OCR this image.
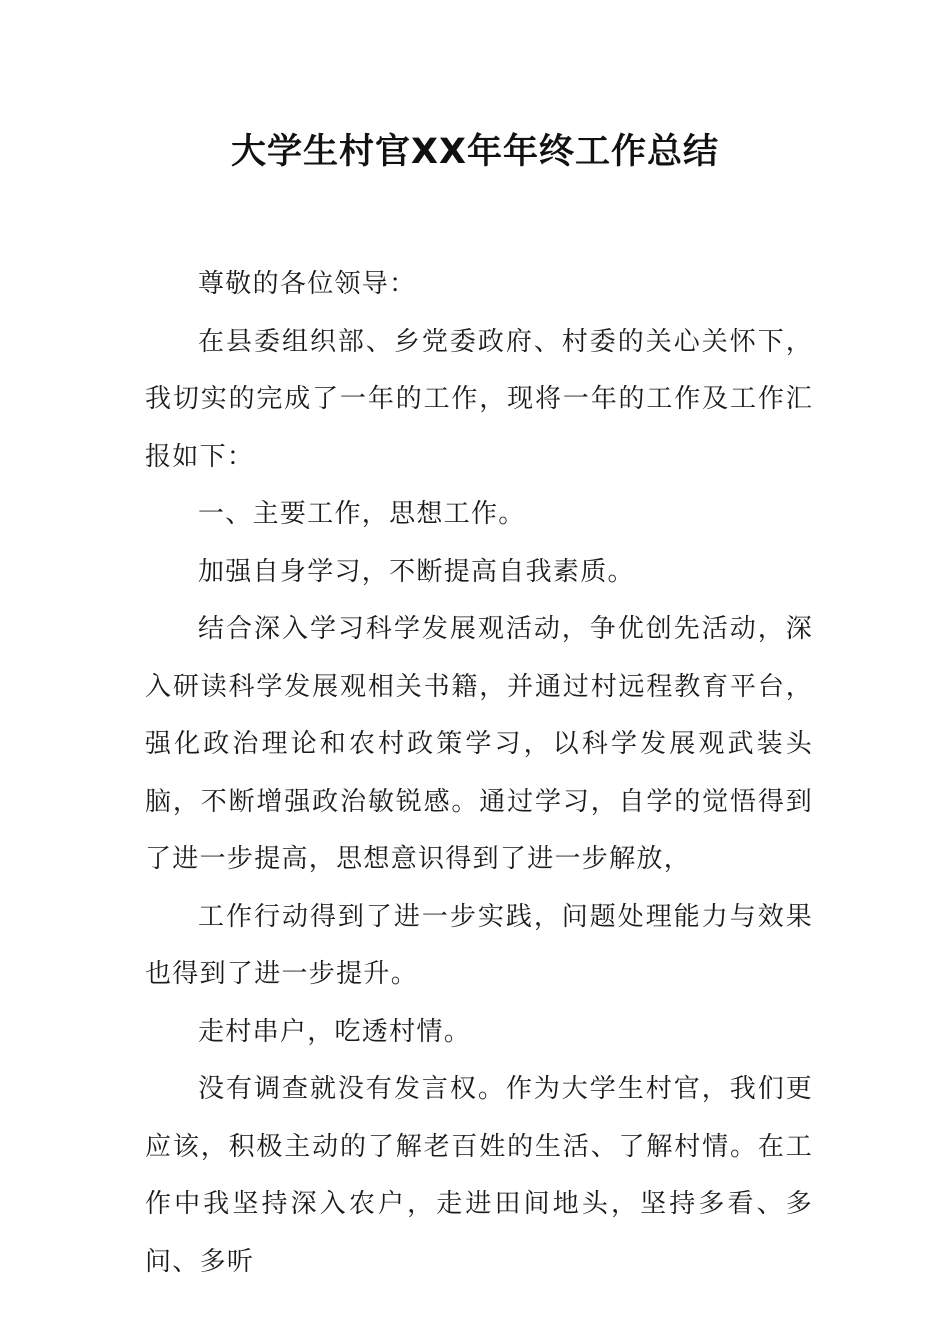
大学生村官XX年年终工作总结

尊敬的各位领导：

在县委组织部、乡党委政府、村委的关心关怀下，我切实的完成了一年的工作，现将一年的工作及工作汇报如下：

一、主要工作，思想工作。

加强自身学习，不断提高自我素质。

结合深入学习科学发展观活动，争优创先活动，深入研读科学发展观相关书籍，并通过村远程教育平台，强化政治理论和农村政策学习，以科学发展观武装头脑，不断增强政治敏锐感。通过学习，自学的觉悟得到了进一步提高，思想意识得到了进一步解放，

工作行动得到了进一步实践，问题处理能力与效果也得到了进一步提升。

走村串户，吃透村情。

没有调查就没有发言权。作为大学生村官，我们更应该，积极主动的了解老百姓的生活、了解村情。在工作中我坚持深入农户，走进田间地头，坚持多看、多问、多听
